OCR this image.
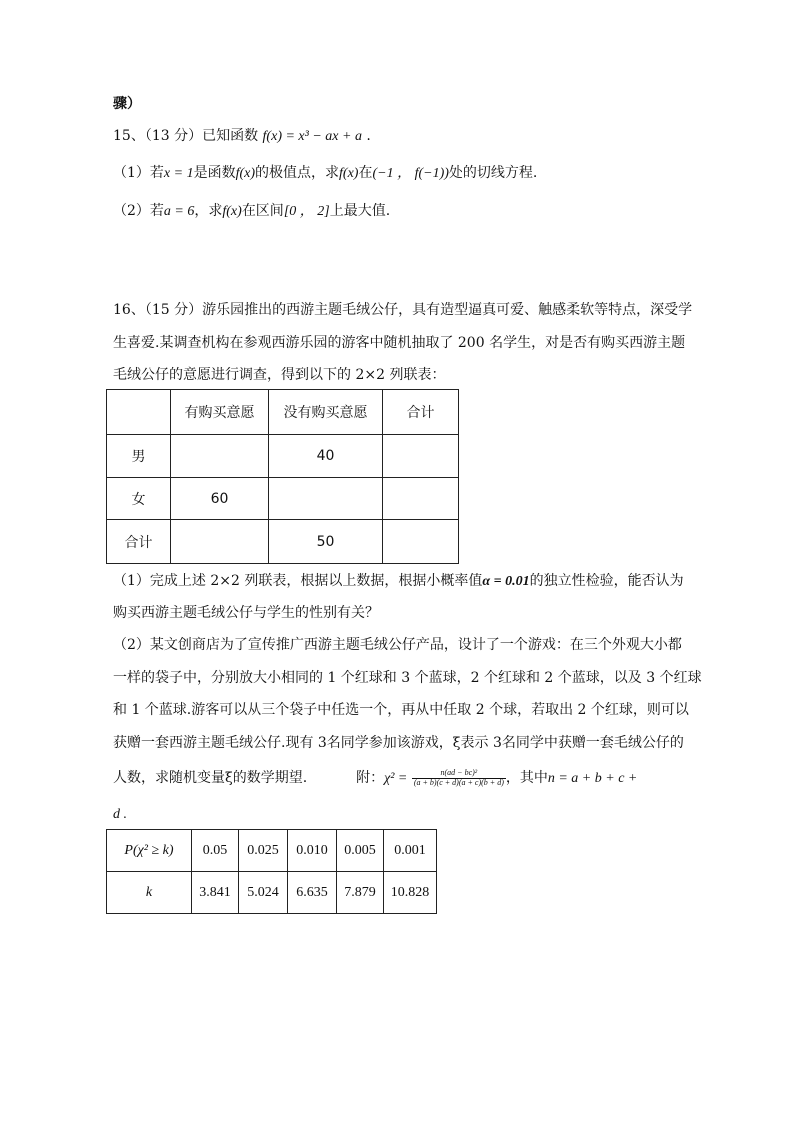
骤）
15、（13 分）已知函数 f(x) = x³ − ax + a .
（1）若x = 1是函数f(x)的极值点，求f(x)在(−1 ， f(−1))处的切线方程.
（2）若a = 6，求f(x)在区间[0 ， 2]上最大值.
16、（15 分）游乐园推出的西游主题毛绒公仔，具有造型逼真可爱、触感柔软等特点，深受学
生喜爱.某调查机构在参观西游乐园的游客中随机抽取了 200 名学生，对是否有购买西游主题
毛绒公仔的意愿进行调查，得到以下的 2×2 列联表：
	有购买意愿	没有购买意愿	合计
男		40	
女	60		
合计		50	
（1）完成上述 2×2 列联表，根据以上数据，根据小概率值α = 0.01的独立性检验，能否认为
购买西游主题毛绒公仔与学生的性别有关？
（2）某文创商店为了宣传推广西游主题毛绒公仔产品，设计了一个游戏：在三个外观大小都
一样的袋子中，分别放大小相同的 1 个红球和 3 个蓝球，2 个红球和 2 个蓝球，以及 3 个红球
和 1 个蓝球.游客可以从三个袋子中任选一个，再从中任取 2 个球，若取出 2 个红球，则可以
获赠一套西游主题毛绒公仔.现有 3名同学参加该游戏，ξ表示 3名同学中获赠一套毛绒公仔的
人数，求随机变量ξ的数学期望.	附：$\chi^2 = \frac{\text{n(ad − bc)²}}{(a + b)(c + d)(a + c)(b + d)}$ ，其中n = a + b + c +
d .
P(χ² ≥ k)	0.05	0.025	0.010	0.005	0.001
k	3.841	5.024	6.635	7.879	10.828
